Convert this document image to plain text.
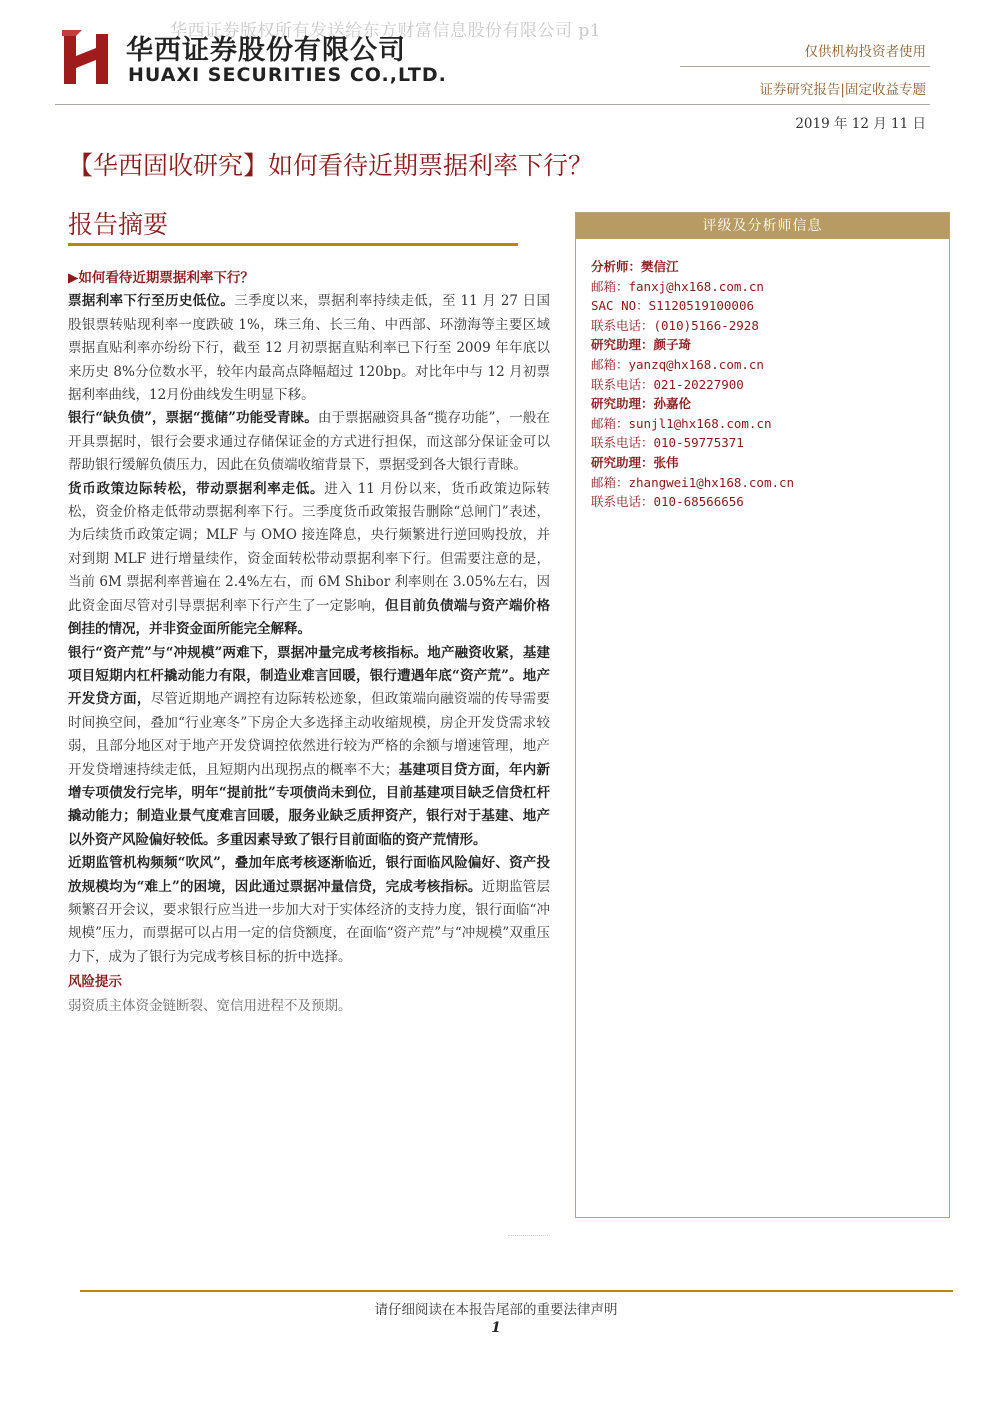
华西证券版权所有发送给东方财富信息股份有限公司 p1
华西证券股份有限公司
HUAXI SECURITIES CO.,LTD.
仅供机构投资者使用
证券研究报告|固定收益专题
2019 年 12 月 11 日
【华西固收研究】如何看待近期票据利率下行？
报告摘要

▶如何看待近期票据利率下行？

票据利率下行至历史低位。三季度以来，票据利率持续走低，至 11 月 27 日国股银票转贴现利率一度跌破 1%，珠三角、长三角、中西部、环渤海等主要区域票据直贴利率亦纷纷下行，截至 12 月初票据直贴利率已下行至 2009 年年底以来历史 8%分位数水平，较年内最高点降幅超过 120bp。对比年中与 12 月初票据利率曲线，12月份曲线发生明显下移。

银行“缺负债”，票据“揽储”功能受青睐。由于票据融资具备“揽存功能”，一般在开具票据时，银行会要求通过存储保证金的方式进行担保，而这部分保证金可以帮助银行缓解负债压力，因此在负债端收缩背景下，票据受到各大银行青睐。

货币政策边际转松，带动票据利率走低。进入 11 月份以来，货币政策边际转松，资金价格走低带动票据利率下行。三季度货币政策报告删除“总闸门”表述，为后续货币政策定调；MLF 与 OMO 接连降息，央行频繁进行逆回购投放，并对到期 MLF 进行增量续作，资金面转松带动票据利率下行。但需要注意的是，当前 6M 票据利率普遍在 2.4%左右，而 6M Shibor 利率则在 3.05%左右，因此资金面尽管对引导票据利率下行产生了一定影响，但目前负债端与资产端价格倒挂的情况，并非资金面所能完全解释。

银行“资产荒”与“冲规模”两难下，票据冲量完成考核指标。地产融资收紧，基建项目短期内杠杆撬动能力有限，制造业难言回暖，银行遭遇年底“资产荒”。地产开发贷方面，尽管近期地产调控有边际转松迹象，但政策端向融资端的传导需要时间换空间，叠加“行业寒冬”下房企大多选择主动收缩规模，房企开发贷需求较弱，且部分地区对于地产开发贷调控依然进行较为严格的余额与增速管理，地产开发贷增速持续走低，且短期内出现拐点的概率不大；基建项目贷方面，年内新增专项债发行完毕，明年“提前批”专项债尚未到位，目前基建项目缺乏信贷杠杆撬动能力；制造业景气度难言回暖，服务业缺乏质押资产，银行对于基建、地产以外资产风险偏好较低。多重因素导致了银行目前面临的资产荒情形。

近期监管机构频频“吹风”，叠加年底考核逐渐临近，银行面临风险偏好、资产投放规模均为“难上”的困境，因此通过票据冲量信贷，完成考核指标。近期监管层频繁召开会议，要求银行应当进一步加大对于实体经济的支持力度，银行面临“冲规模”压力，而票据可以占用一定的信贷额度，在面临“资产荒”与“冲规模”双重压力下，成为了银行为完成考核目标的折中选择。

风险提示

弱资质主体资金链断裂、宽信用进程不及预期。

评级及分析师信息
分析师：樊信江
邮箱：fanxj@hx168.com.cn
SAC NO：S1120519100006
联系电话：(010)5166-2928
研究助理：颜子琦
邮箱：yanzq@hx168.com.cn
联系电话：021-20227900
研究助理：孙嘉伦
邮箱：sunjl1@hx168.com.cn
联系电话：010-59775371
研究助理：张伟
邮箱：zhangwei1@hx168.com.cn
联系电话：010-68566656
请仔细阅读在本报告尾部的重要法律声明
1
